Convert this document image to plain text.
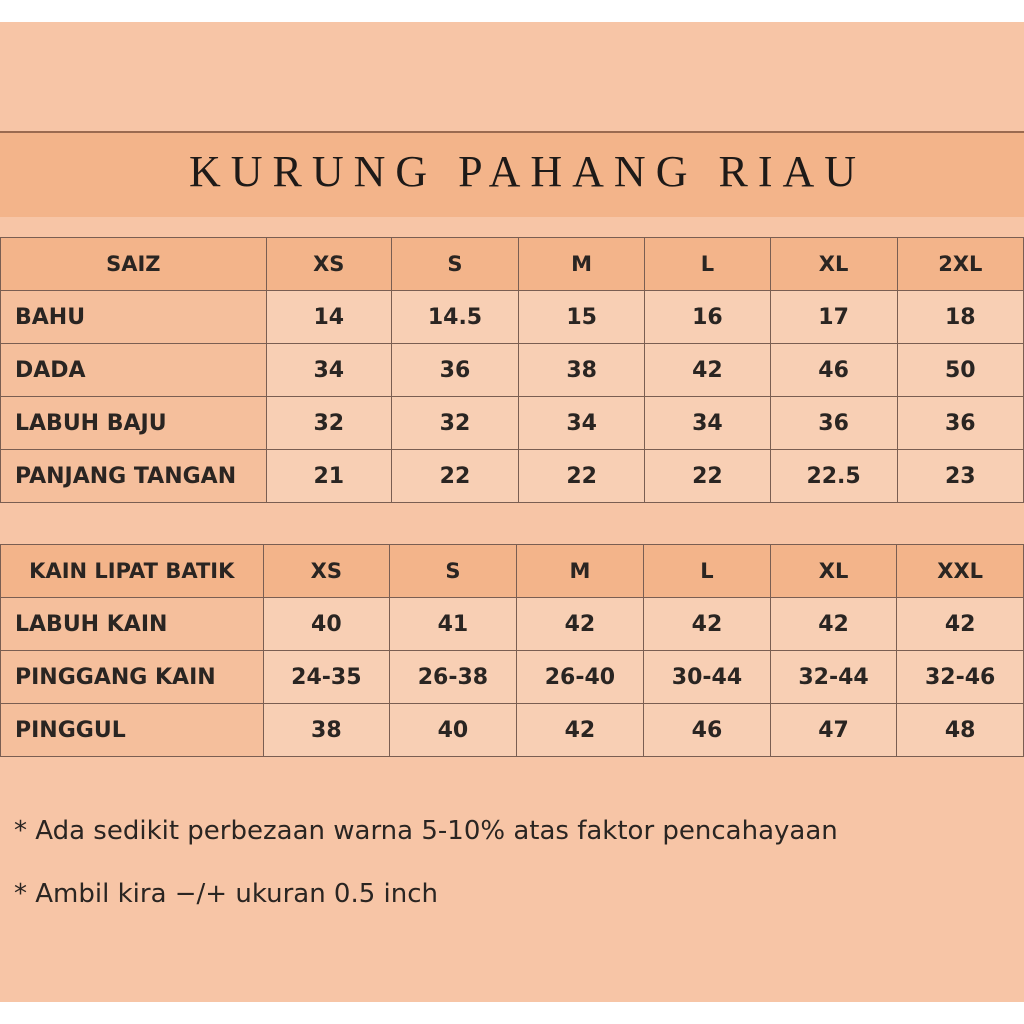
KURUNG PAHANG RIAU
SAIZ	XS	S	M	L	XL	2XL
BAHU	14	14.5	15	16	17	18
DADA	34	36	38	42	46	50
LABUH BAJU	32	32	34	34	36	36
PANJANG TANGAN	21	22	22	22	22.5	23
KAIN LIPAT BATIK	XS	S	M	L	XL	XXL
LABUH KAIN	40	41	42	42	42	42
PINGGANG KAIN	24-35	26-38	26-40	30-44	32-44	32-46
PINGGUL	38	40	42	46	47	48
* Ada sedikit perbezaan warna 5-10% atas faktor pencahayaan
* Ambil kira −/+ ukuran 0.5 inch
